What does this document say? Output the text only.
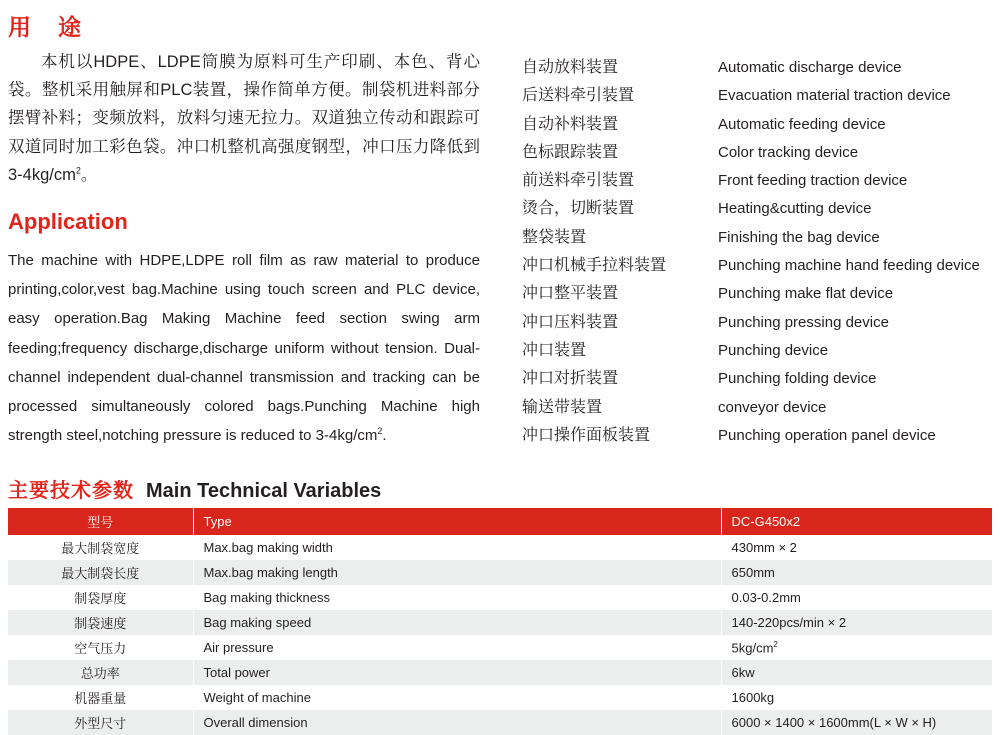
用　途

本机以HDPE、LDPE筒膜为原料可生产印刷、本色、背心袋。整机采用触屏和PLC装置，操作简单方便。制袋机进料部分摆臂补料；变频放料，放料匀速无拉力。双道独立传动和跟踪可双道同时加工彩色袋。冲口机整机高强度钢型，冲口压力降低到$3-4kg/cm^2$。

Application

The machine with HDPE,LDPE roll film as raw material to produce printing,color,vest bag.Machine using touch screen and PLC device, easy operation.Bag Making Machine feed section swing arm feeding;frequency discharge,discharge uniform without tension. Dual-channel independent dual-channel transmission and tracking can be processed simultaneously colored bags.Punching Machine high strength steel,notching pressure is reduced to $3-4kg/cm^2$.

自动放料装置	Automatic discharge device
后送料牵引装置	Evacuation material traction device
自动补料装置	Automatic feeding device
色标跟踪装置	Color tracking device
前送料牵引装置	Front feeding traction device
烫合，切断装置	Heating&cutting device
整袋装置	Finishing the bag device
冲口机械手拉料装置	Punching machine hand feeding device
冲口整平装置	Punching make flat device
冲口压料装置	Punching pressing device
冲口装置	Punching device
冲口对折装置	Punching folding device
输送带装置	conveyor device
冲口操作面板装置	Punching operation panel device
主要技术参数 Main Technical Variables
型号	Type	DC-G450x2
最大制袋宽度	Max.bag making width	430mm × 2
最大制袋长度	Max.bag making length	650mm
制袋厚度	Bag making thickness	0.03-0.2mm
制袋速度	Bag making speed	140-220pcs/min × 2
空气压力	Air pressure	$5kg/cm^2$
总功率	Total power	6kw
机器重量	Weight of machine	1600kg
外型尺寸	Overall dimension	6000 × 1400 × 1600mm(L × W × H)
